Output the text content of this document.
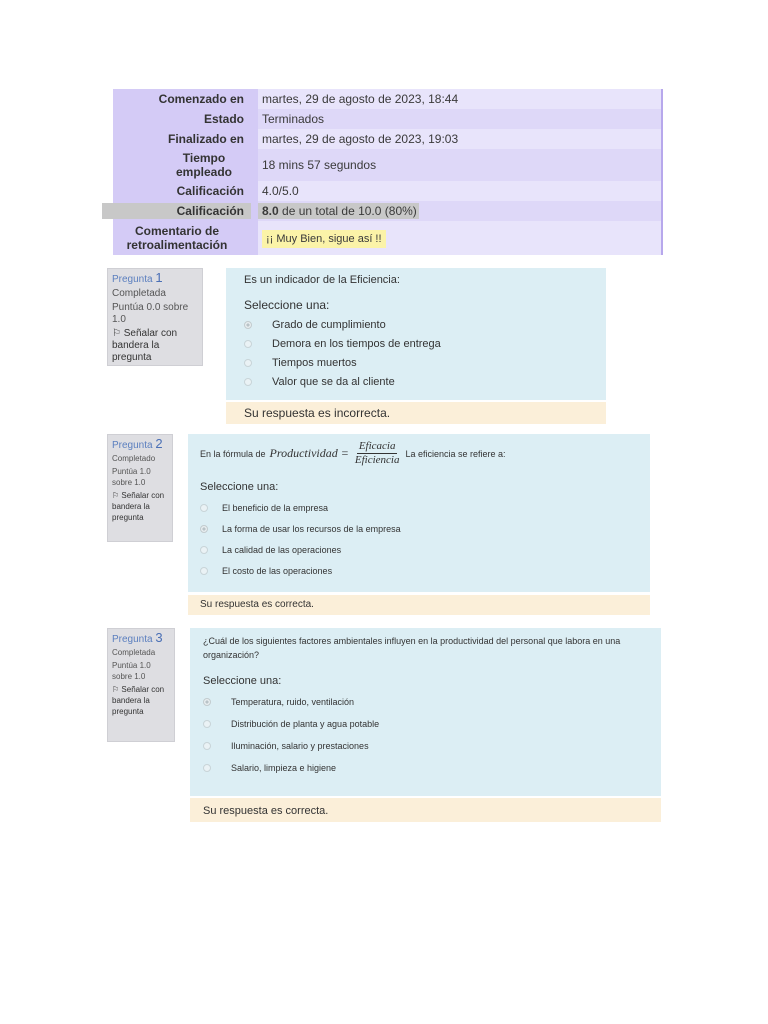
Comenzado en	martes, 29 de agosto de 2023, 18:44
Estado	Terminados
Finalizado en	martes, 29 de agosto de 2023, 19:03
Tiempo empleado	18 mins 57 segundos
Calificación	4.0/5.0
Calificación	8.0 de un total de 10.0 (80%)
Comentario de retroalimentación	¡¡ Muy Bien, sigue así !!
Pregunta 1
Completada
Puntúa 0.0 sobre 1.0
⚐ Señalar con bandera la pregunta
Es un indicador de la Eficiencia:
Seleccione una:
Grado de cumplimiento
Demora en los tiempos de entrega
Tiempos muertos
Valor que se da al cliente
Su respuesta es incorrecta.
Pregunta 2
Completado
Puntúa 1.0 sobre 1.0
⚐ Señalar con bandera la pregunta
En la fórmula de Productividad = $\frac{\text{Eficacia}}{\text{Eficiencia}}$ La eficiencia se refiere a:
Seleccione una:
El beneficio de la empresa
La forma de usar los recursos de la empresa
La calidad de las operaciones
El costo de las operaciones
Su respuesta es correcta.
Pregunta 3
Completada
Puntúa 1.0 sobre 1.0
⚐ Señalar con bandera la pregunta
¿Cuál de los siguientes factores ambientales influyen en la productividad del personal que labora en una organización?
Seleccione una:
Temperatura, ruido, ventilación
Distribución de planta y agua potable
Iluminación, salario y prestaciones
Salario, limpieza e higiene
Su respuesta es correcta.
